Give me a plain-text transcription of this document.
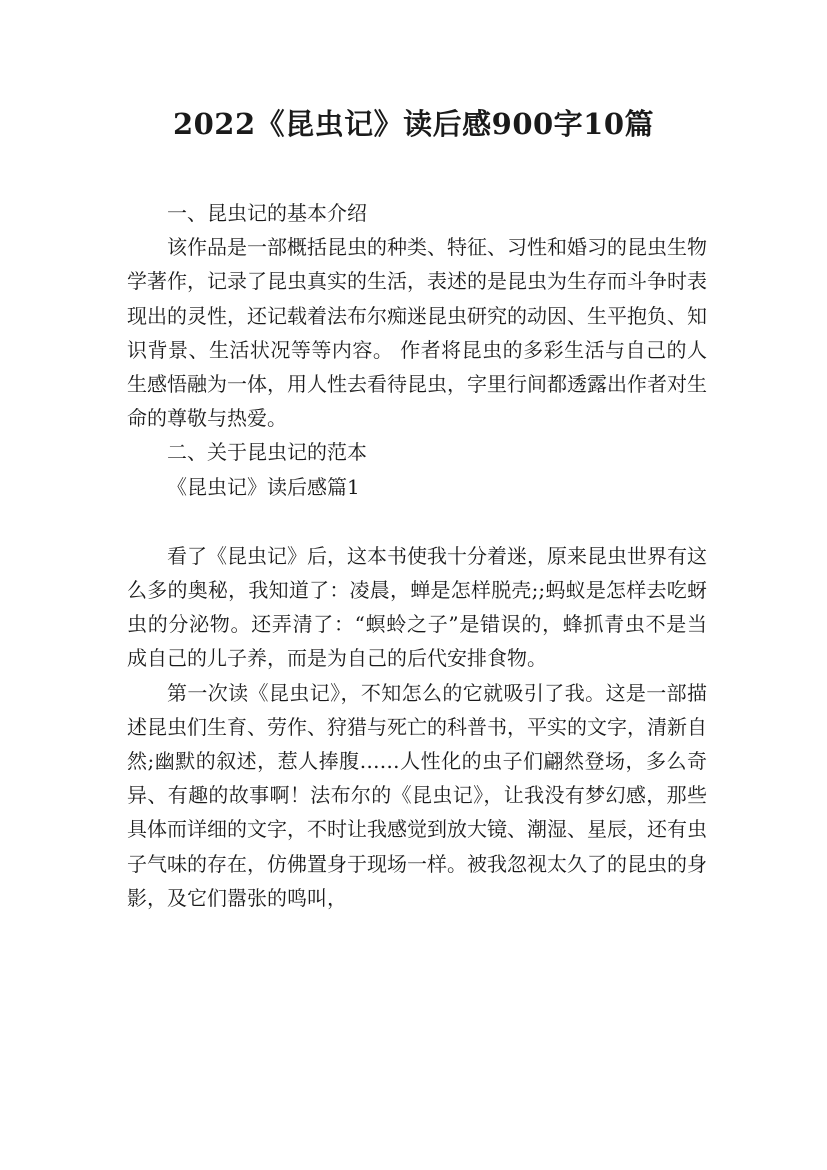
2022《昆虫记》读后感900字10篇

一、昆虫记的基本介绍

该作品是一部概括昆虫的种类、特征、习性和婚习的昆虫生物学著作，记录了昆虫真实的生活，表述的是昆虫为生存而斗争时表现出的灵性，还记载着法布尔痴迷昆虫研究的动因、生平抱负、知识背景、生活状况等等内容。 作者将昆虫的多彩生活与自己的人生感悟融为一体，用人性去看待昆虫，字里行间都透露出作者对生命的尊敬与热爱。

二、关于昆虫记的范本

《昆虫记》读后感篇1

看了《昆虫记》后，这本书使我十分着迷，原来昆虫世界有这么多的奥秘，我知道了：凌晨，蝉是怎样脱壳;;蚂蚁是怎样去吃蚜虫的分泌物。还弄清了：“螟蛉之子”是错误的，蜂抓青虫不是当成自己的儿子养，而是为自己的后代安排食物。

第一次读《昆虫记》，不知怎么的它就吸引了我。这是一部描述昆虫们生育、劳作、狩猎与死亡的科普书，平实的文字，清新自然;幽默的叙述，惹人捧腹……人性化的虫子们翩然登场，多么奇异、有趣的故事啊！法布尔的《昆虫记》，让我没有梦幻感，那些具体而详细的文字，不时让我感觉到放大镜、潮湿、星辰，还有虫子气味的存在，仿佛置身于现场一样。被我忽视太久了的昆虫的身影，及它们嚣张的鸣叫，
